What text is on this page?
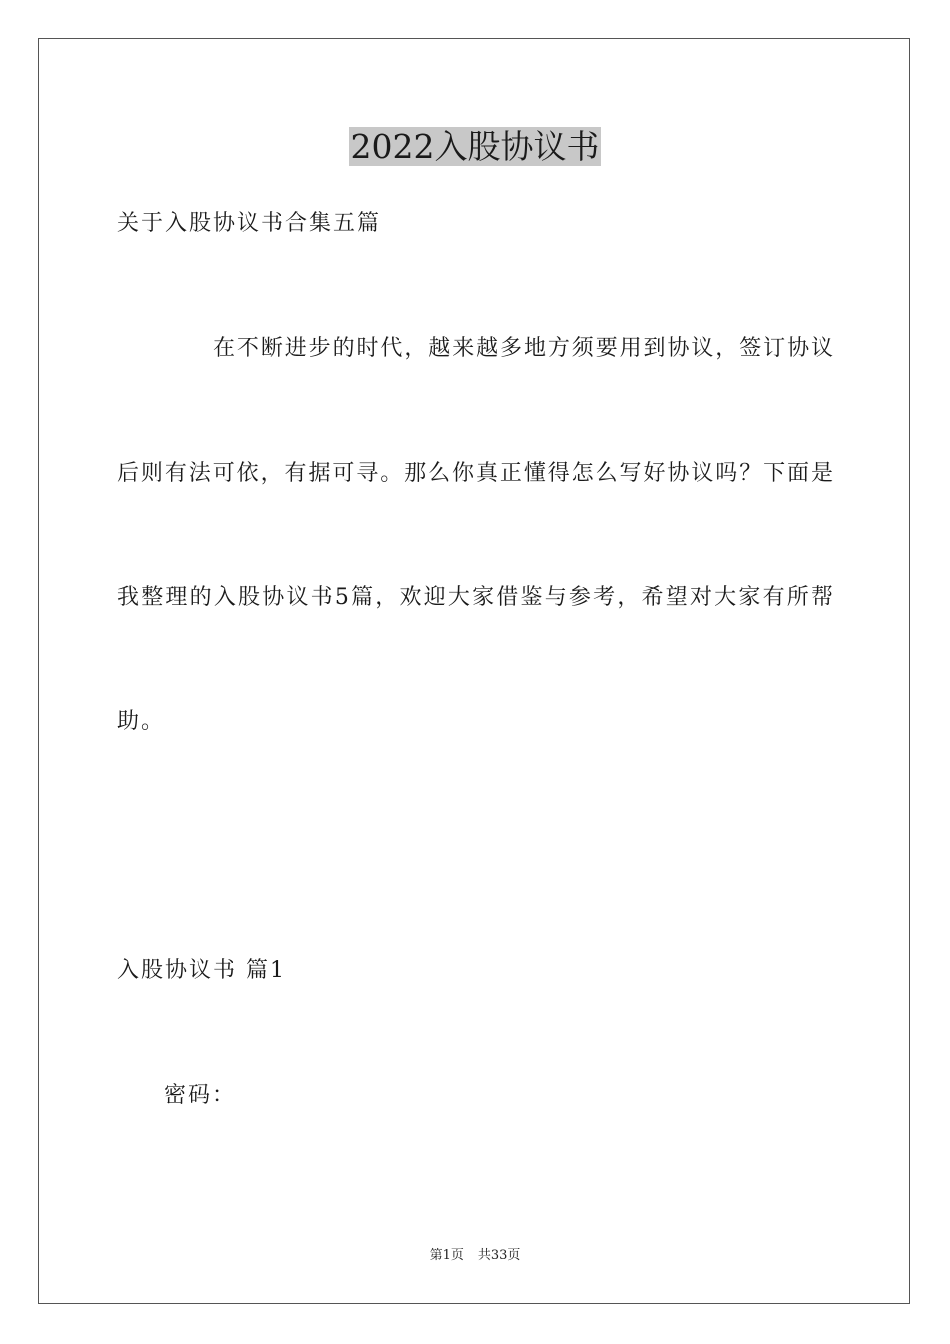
2022入股协议书
关于入股协议书合集五篇
在不断进步的时代，越来越多地方须要用到协议，签订协议
后则有法可依，有据可寻。那么你真正懂得怎么写好协议吗？下面是
我整理的入股协议书5篇，欢迎大家借鉴与参考，希望对大家有所帮
助。
入股协议书 篇1
密码：
第1页 共33页
